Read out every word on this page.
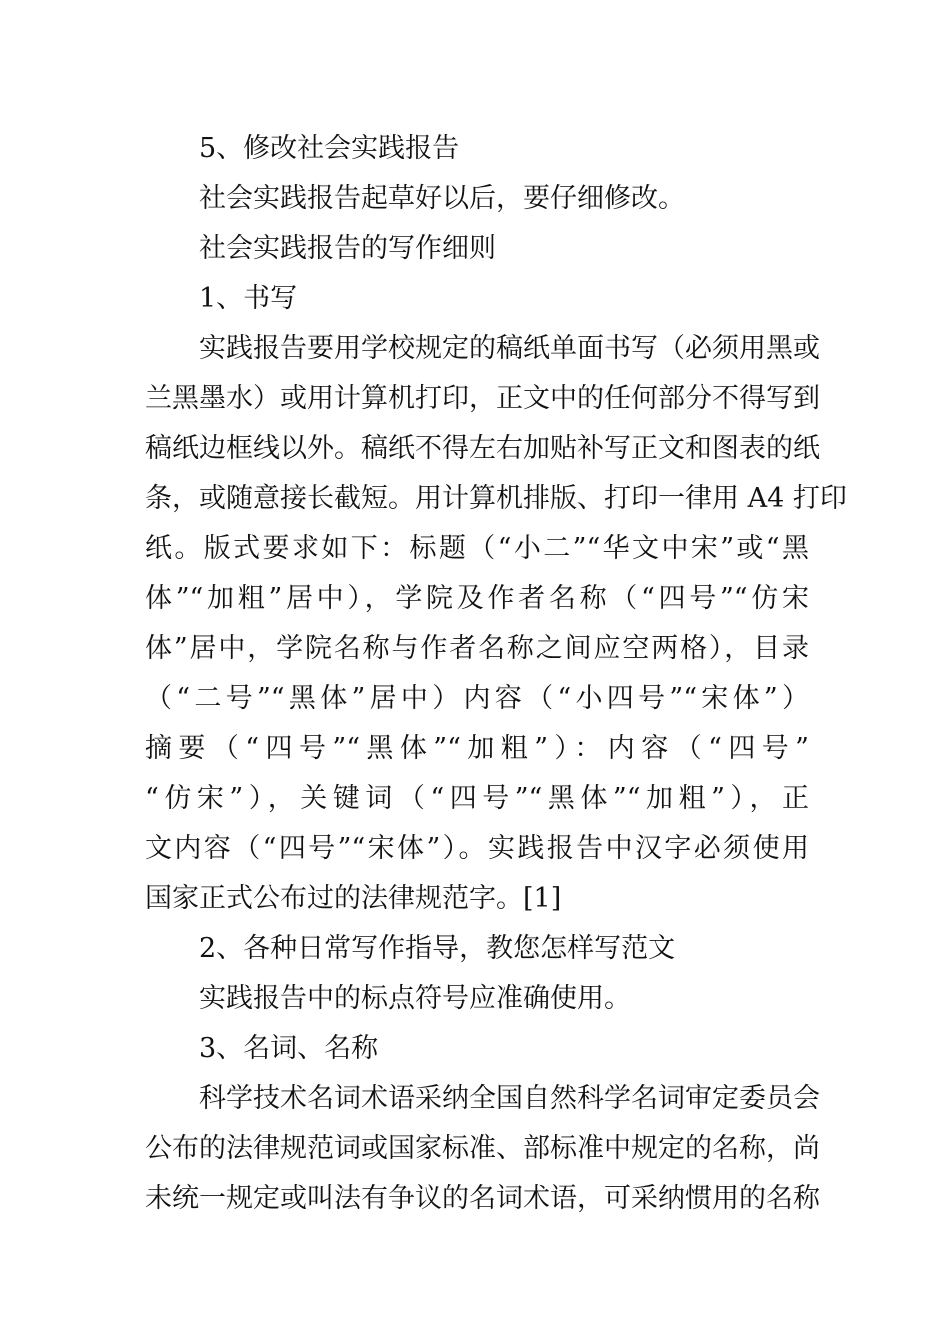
5、修改社会实践报告
社会实践报告起草好以后，要仔细修改。
社会实践报告的写作细则
1、书写
实践报告要用学校规定的稿纸单面书写（必须用黑或
兰黑墨水）或用计算机打印，正文中的任何部分不得写到
稿纸边框线以外。稿纸不得左右加贴补写正文和图表的纸
条，或随意接长截短。用计算机排版、打印一律用 A4 打印
纸。版式要求如下：标题（“小二”“华文中宋”或“黑
体”“加粗”居中），学院及作者名称（“四号”“仿宋
体”居中，学院名称与作者名称之间应空两格），目录
（“二号”“黑体”居中）内容（“小四号”“宋体”）
摘要（“四号”“黑体”“加粗”）：内容（“四号”
“仿宋”），关键词（“四号”“黑体”“加粗”），正
文内容（“四号”“宋体”）。实践报告中汉字必须使用
国家正式公布过的法律规范字。[1]
2、各种日常写作指导，教您怎样写范文
实践报告中的标点符号应准确使用。
3、名词、名称
科学技术名词术语采纳全国自然科学名词审定委员会
公布的法律规范词或国家标准、部标准中规定的名称，尚
未统一规定或叫法有争议的名词术语，可采纳惯用的名称
